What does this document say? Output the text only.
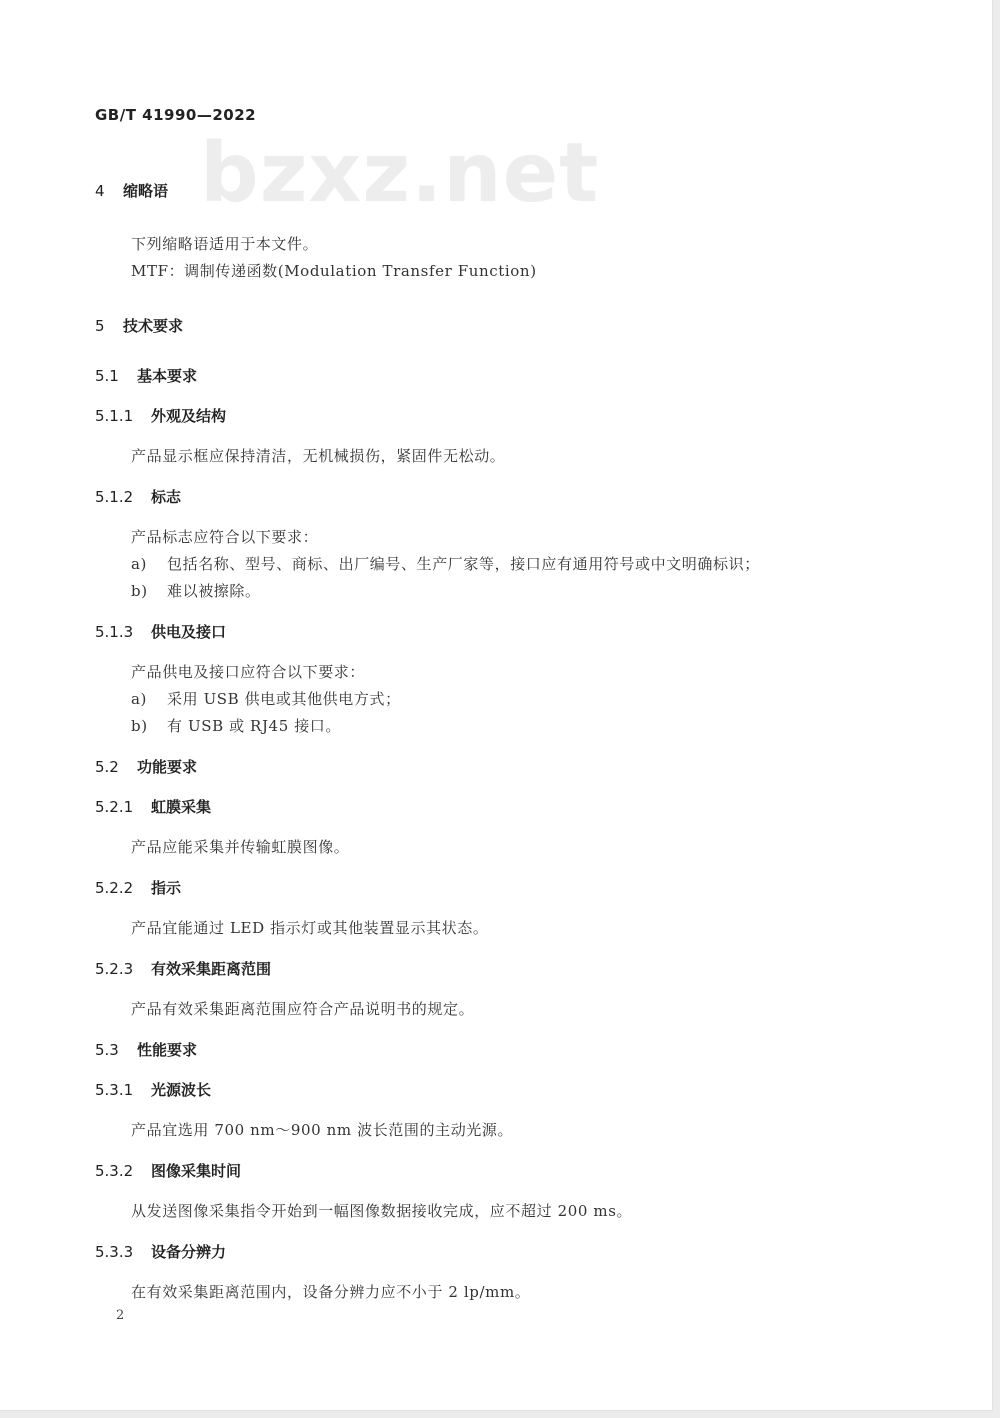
GB/T 41990—2022
bzxz.net
4 缩略语
下列缩略语适用于本文件。
MTF：调制传递函数(Modulation Transfer Function)
5 技术要求
5.1 基本要求
5.1.1 外观及结构
产品显示框应保持清洁，无机械损伤，紧固件无松动。
5.1.2 标志
产品标志应符合以下要求：
a) 包括名称、型号、商标、出厂编号、生产厂家等，接口应有通用符号或中文明确标识；
b) 难以被擦除。
5.1.3 供电及接口
产品供电及接口应符合以下要求：
a) 采用 USB 供电或其他供电方式；
b) 有 USB 或 RJ45 接口。
5.2 功能要求
5.2.1 虹膜采集
产品应能采集并传输虹膜图像。
5.2.2 指示
产品宜能通过 LED 指示灯或其他装置显示其状态。
5.2.3 有效采集距离范围
产品有效采集距离范围应符合产品说明书的规定。
5.3 性能要求
5.3.1 光源波长
产品宜选用 700 nm～900 nm 波长范围的主动光源。
5.3.2 图像采集时间
从发送图像采集指令开始到一幅图像数据接收完成，应不超过 200 ms。
5.3.3 设备分辨力
在有效采集距离范围内，设备分辨力应不小于 2 lp/mm。
2
